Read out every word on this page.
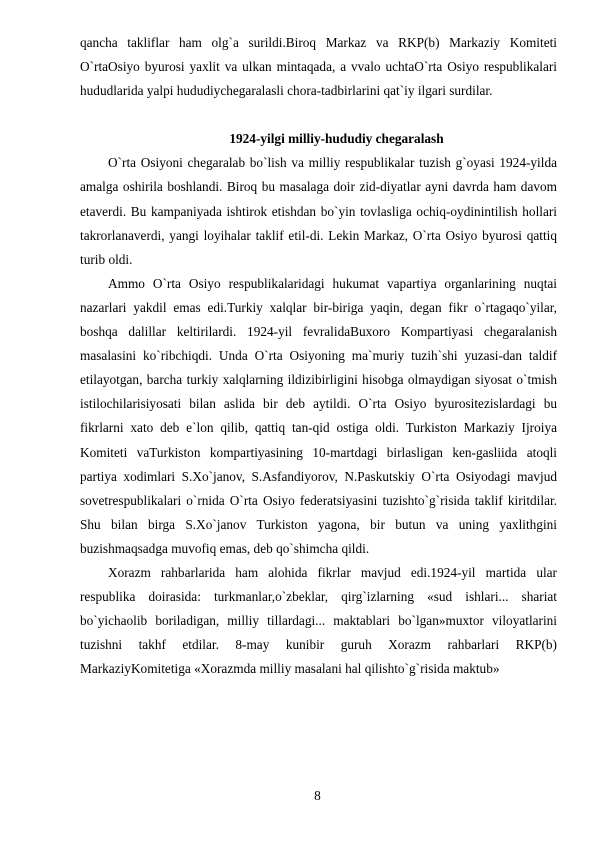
qancha takliflar ham olg`a surildi.Biroq Markaz va RKP(b) Markaziy Komiteti O`rtaOsiyo byurosi yaxlit va ulkan mintaqada, a vvalo uchtaO`rta Osiyo respublikalari hududlarida yalpi hududiychegaralasli chora-tadbirlarini qat`iy ilgari surdilar.

1924-yilgi milliy-hududiy chegaralash

O`rta Osiyoni chegaralab bo`lish va milliy respublikalar tuzish g`oyasi 1924-yilda amalga oshirila boshlandi. Biroq bu masalaga doir zid-diyatlar ayni davrda ham davom etaverdi. Bu kampaniyada ishtirok etishdan bo`yin tovlasliga ochiq-oydinintilish hollari takrorlanaverdi, yangi loyihalar taklif etil-di. Lekin Markaz, O`rta Osiyo byurosi qattiq turib oldi.

Ammo O`rta Osiyo respublikalaridagi hukumat vapartiya organlarining nuqtai nazarlari yakdil emas edi.Turkiy xalqlar bir-biriga yaqin, degan fikr o`rtagaqo`yilar, boshqa dalillar keltirilardi. 1924-yil fevralidaBuxoro Kompartiyasi chegaralanish masalasini ko`ribchiqdi. Unda O`rta Osiyoning ma`muriy tuzih`shi yuzasi-dan taldif etilayotgan, barcha turkiy xalqlarning ildizibirligini hisobga olmaydigan siyosat o`tmish istilochilarisiyosati bilan aslida bir deb aytildi. O`rta Osiyo byurositezislardagi bu fikrlarni xato deb e`lon qilib, qattiq tan-qid ostiga oldi. Turkiston Markaziy Ijroiya Komiteti vaTurkiston kompartiyasining 10-martdagi birlasligan ken-gasliida atoqli partiya xodimlari S.Xo`janov, S.Asfandiyorov, N.Paskutskiy O`rta Osiyodagi mavjud sovetrespublikalari o`rnida O`rta Osiyo federatsiyasini tuzishto`g`risida taklif kiritdilar. Shu bilan birga S.Xo`janov Turkiston yagona, bir butun va uning yaxlithgini buzishmaqsadga muvofiq emas, deb qo`shimcha qildi.

Xorazm rahbarlarida ham alohida fikrlar mavjud edi.1924-yil martida ular respublika doirasida: turkmanlar,o`zbeklar, qirg`izlarning «sud ishlari... shariat bo`yichaolib boriladigan, milliy tillardagi... maktablari bo`lgan»muxtor viloyatlarini tuzishni takhf etdilar. 8-may kunibir guruh Xorazm rahbarlari RKP(b) MarkaziyKomitetiga «Xorazmda milliy masalani hal qilishto`g`risida maktub»

8
